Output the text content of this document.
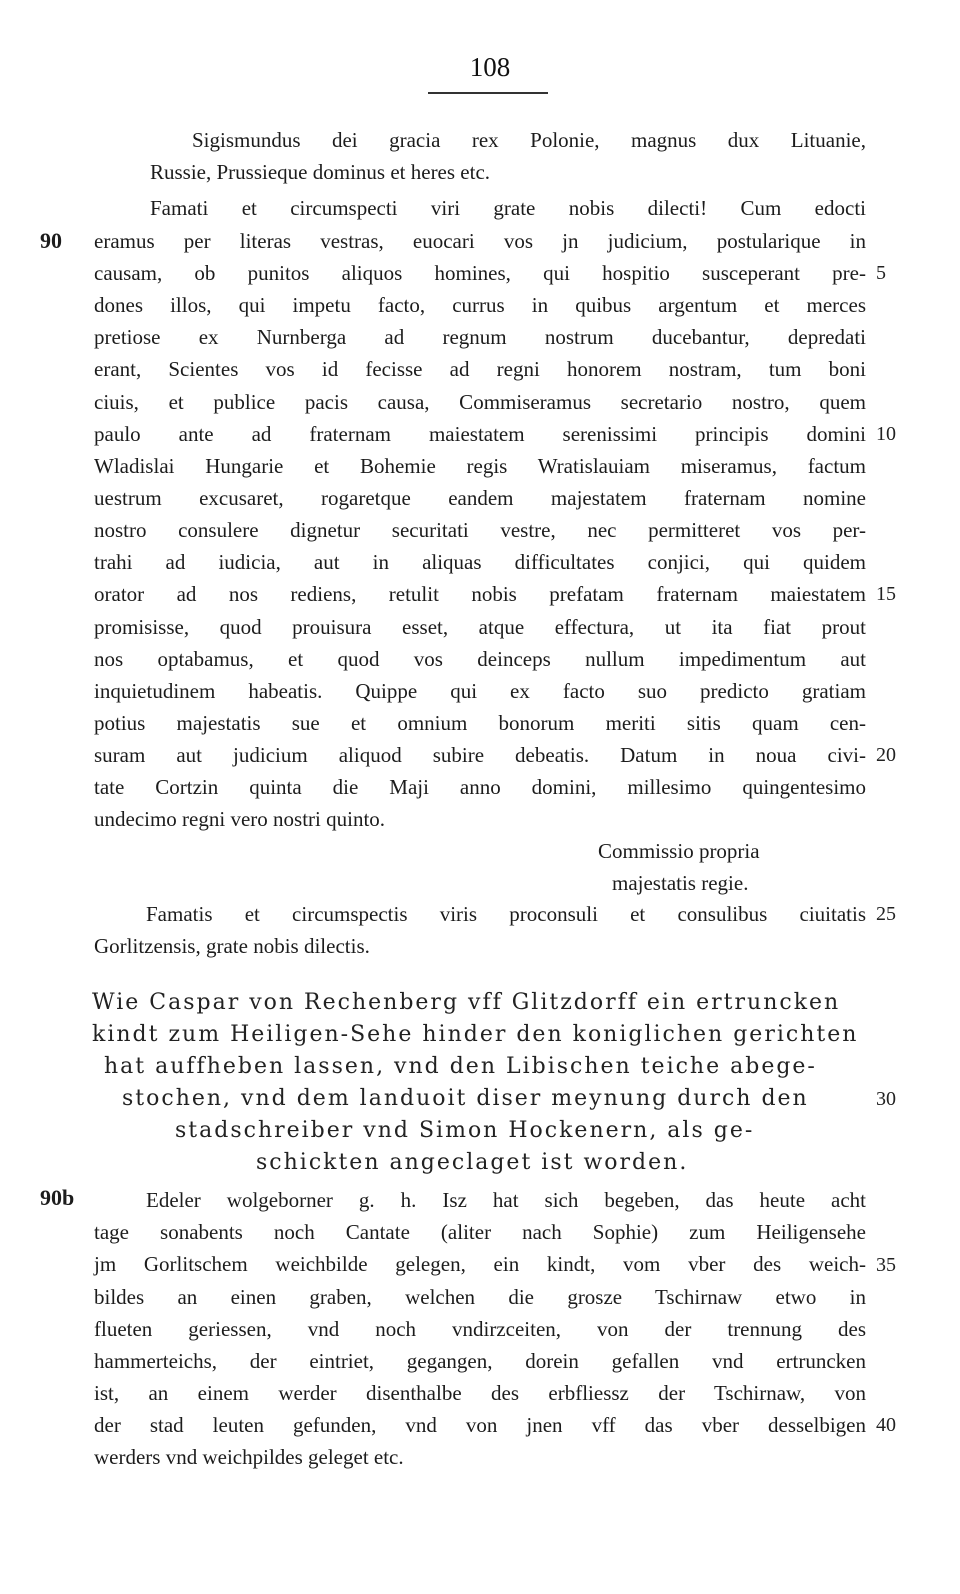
108
Sigismundus dei gracia rex Polonie, magnus dux Lituanie,
Russie, Prussieque dominus et heres etc.
Famati et circumspecti viri grate nobis dilecti! Cum edocti
eramus per literas vestras, euocari vos jn judicium, postularique in
causam, ob punitos aliquos homines, qui hospitio susceperant pre-
dones illos, qui impetu facto, currus in quibus argentum et merces
pretiose ex Nurnberga ad regnum nostrum ducebantur, depredati
erant, Scientes vos id fecisse ad regni honorem nostram, tum boni
ciuis, et publice pacis causa, Commiseramus secretario nostro, quem
paulo ante ad fraternam maiestatem serenissimi principis domini
Wladislai Hungarie et Bohemie regis Wratislauiam miseramus, factum
uestrum excusaret, rogaretque eandem majestatem fraternam nomine
nostro consulere dignetur securitati vestre, nec permitteret vos per-
trahi ad iudicia, aut in aliquas difficultates conjici, qui quidem
orator ad nos rediens, retulit nobis prefatam fraternam maiestatem
promisisse, quod prouisura esset, atque effectura, ut ita fiat prout
nos optabamus, et quod vos deinceps nullum impedimentum aut
inquietudinem habeatis. Quippe qui ex facto suo predicto gratiam
potius majestatis sue et omnium bonorum meriti sitis quam cen-
suram aut judicium aliquod subire debeatis. Datum in noua civi-
tate Cortzin quinta die Maji anno domini, millesimo quingentesimo
undecimo regni vero nostri quinto.
Commissio propria
majestatis regie.
Famatis et circumspectis viris proconsuli et consulibus ciuitatis
Gorlitzensis, grate nobis dilectis.
Wie Caspar von Rechenberg vff Glitzdorff ein ertruncken
kindt zum Heiligen-Sehe hinder den koniglichen gerichten
hat auffheben lassen, vnd den Libischen teiche abege-
stochen, vnd dem landuoit diser meynung durch den
stadschreiber vnd Simon Hockenern, als ge-
schickten angeclaget ist worden.
Edeler wolgeborner g. h. Isz hat sich begeben, das heute acht
tage sonabents noch Cantate (aliter nach Sophie) zum Heiligensehe
jm Gorlitschem weichbilde gelegen, ein kindt, vom vber des weich-
bildes an einen graben, welchen die grosze Tschirnaw etwo in
flueten geriessen, vnd noch vndirzceiten, von der trennung des
hammerteichs, der eintriet, gegangen, dorein gefallen vnd ertruncken
ist, an einem werder disenthalbe des erbfliessz der Tschirnaw, von
der stad leuten gefunden, vnd von jnen vff das vber desselbigen
werders vnd weichpildes geleget etc.
90
90b
5
10
15
20
25
30
35
40
